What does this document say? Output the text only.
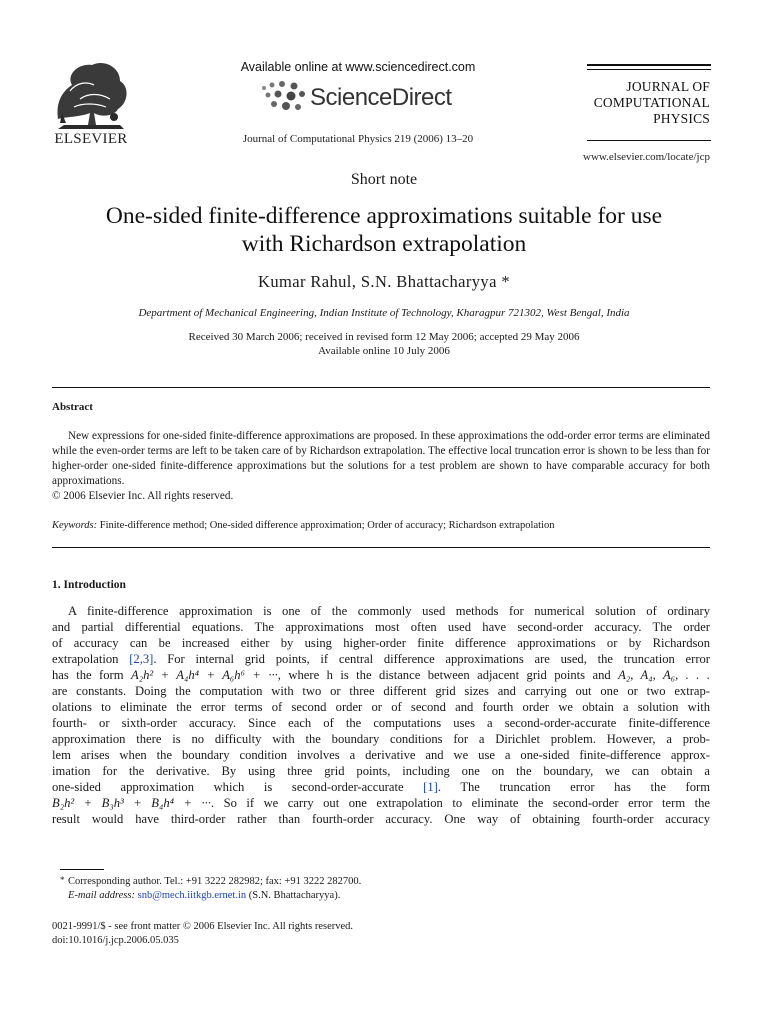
ELSEVIER
Available online at www.sciencedirect.com
ScienceDirect
Journal of Computational Physics 219 (2006) 13–20
JOURNAL OF
COMPUTATIONAL
PHYSICS
www.elsevier.com/locate/jcp
Short note
One-sided finite-difference approximations suitable for use
with Richardson extrapolation
Kumar Rahul, S.N. Bhattacharyya *
Department of Mechanical Engineering, Indian Institute of Technology, Kharagpur 721302, West Bengal, India
Received 30 March 2006; received in revised form 12 May 2006; accepted 29 May 2006
Available online 10 July 2006
Abstract

New expressions for one-sided finite-difference approximations are proposed. In these approximations the odd-order error terms are eliminated while the even-order terms are left to be taken care of by Richardson extrapolation. The effective local truncation error is shown to be less than for higher-order one-sided finite-difference approximations but the solutions for a test problem are shown to have comparable accuracy for both approximations.

© 2006 Elsevier Inc. All rights reserved.

Keywords: Finite-difference method; One-sided difference approximation; Order of accuracy; Richardson extrapolation
1. Introduction
A finite-difference approximation is one of the commonly used methods for numerical solution of ordinary
and partial differential equations. The approximations most often used have second-order accuracy. The order
of accuracy can be increased either by using higher-order finite difference approximations or by Richardson
extrapolation [2,3]. For internal grid points, if central difference approximations are used, the truncation error
has the form A₂h² + A₄h⁴ + A₆h⁶ + ···, where h is the distance between adjacent grid points and A₂, A₄, A₆, . . .
are constants. Doing the computation with two or three different grid sizes and carrying out one or two extrap-
olations to eliminate the error terms of second order or of second and fourth order we obtain a solution with
fourth- or sixth-order accuracy. Since each of the computations uses a second-order-accurate finite-difference
approximation there is no difficulty with the boundary conditions for a Dirichlet problem. However, a prob-
lem arises when the boundary condition involves a derivative and we use a one-sided finite-difference approx-
imation for the derivative. By using three grid points, including one on the boundary, we can obtain a
one-sided approximation which is second-order-accurate [1]. The truncation error has the form
B₂h² + B₃h³ + B₄h⁴ + ···. So if we carry out one extrapolation to eliminate the second-order error term the
result would have third-order rather than fourth-order accuracy. One way of obtaining fourth-order accuracy
* Corresponding author. Tel.: +91 3222 282982; fax: +91 3222 282700.
E-mail address: snb@mech.iitkgb.ernet.in (S.N. Bhattacharyya).
0021-9991/$ - see front matter © 2006 Elsevier Inc. All rights reserved.
doi:10.1016/j.jcp.2006.05.035
